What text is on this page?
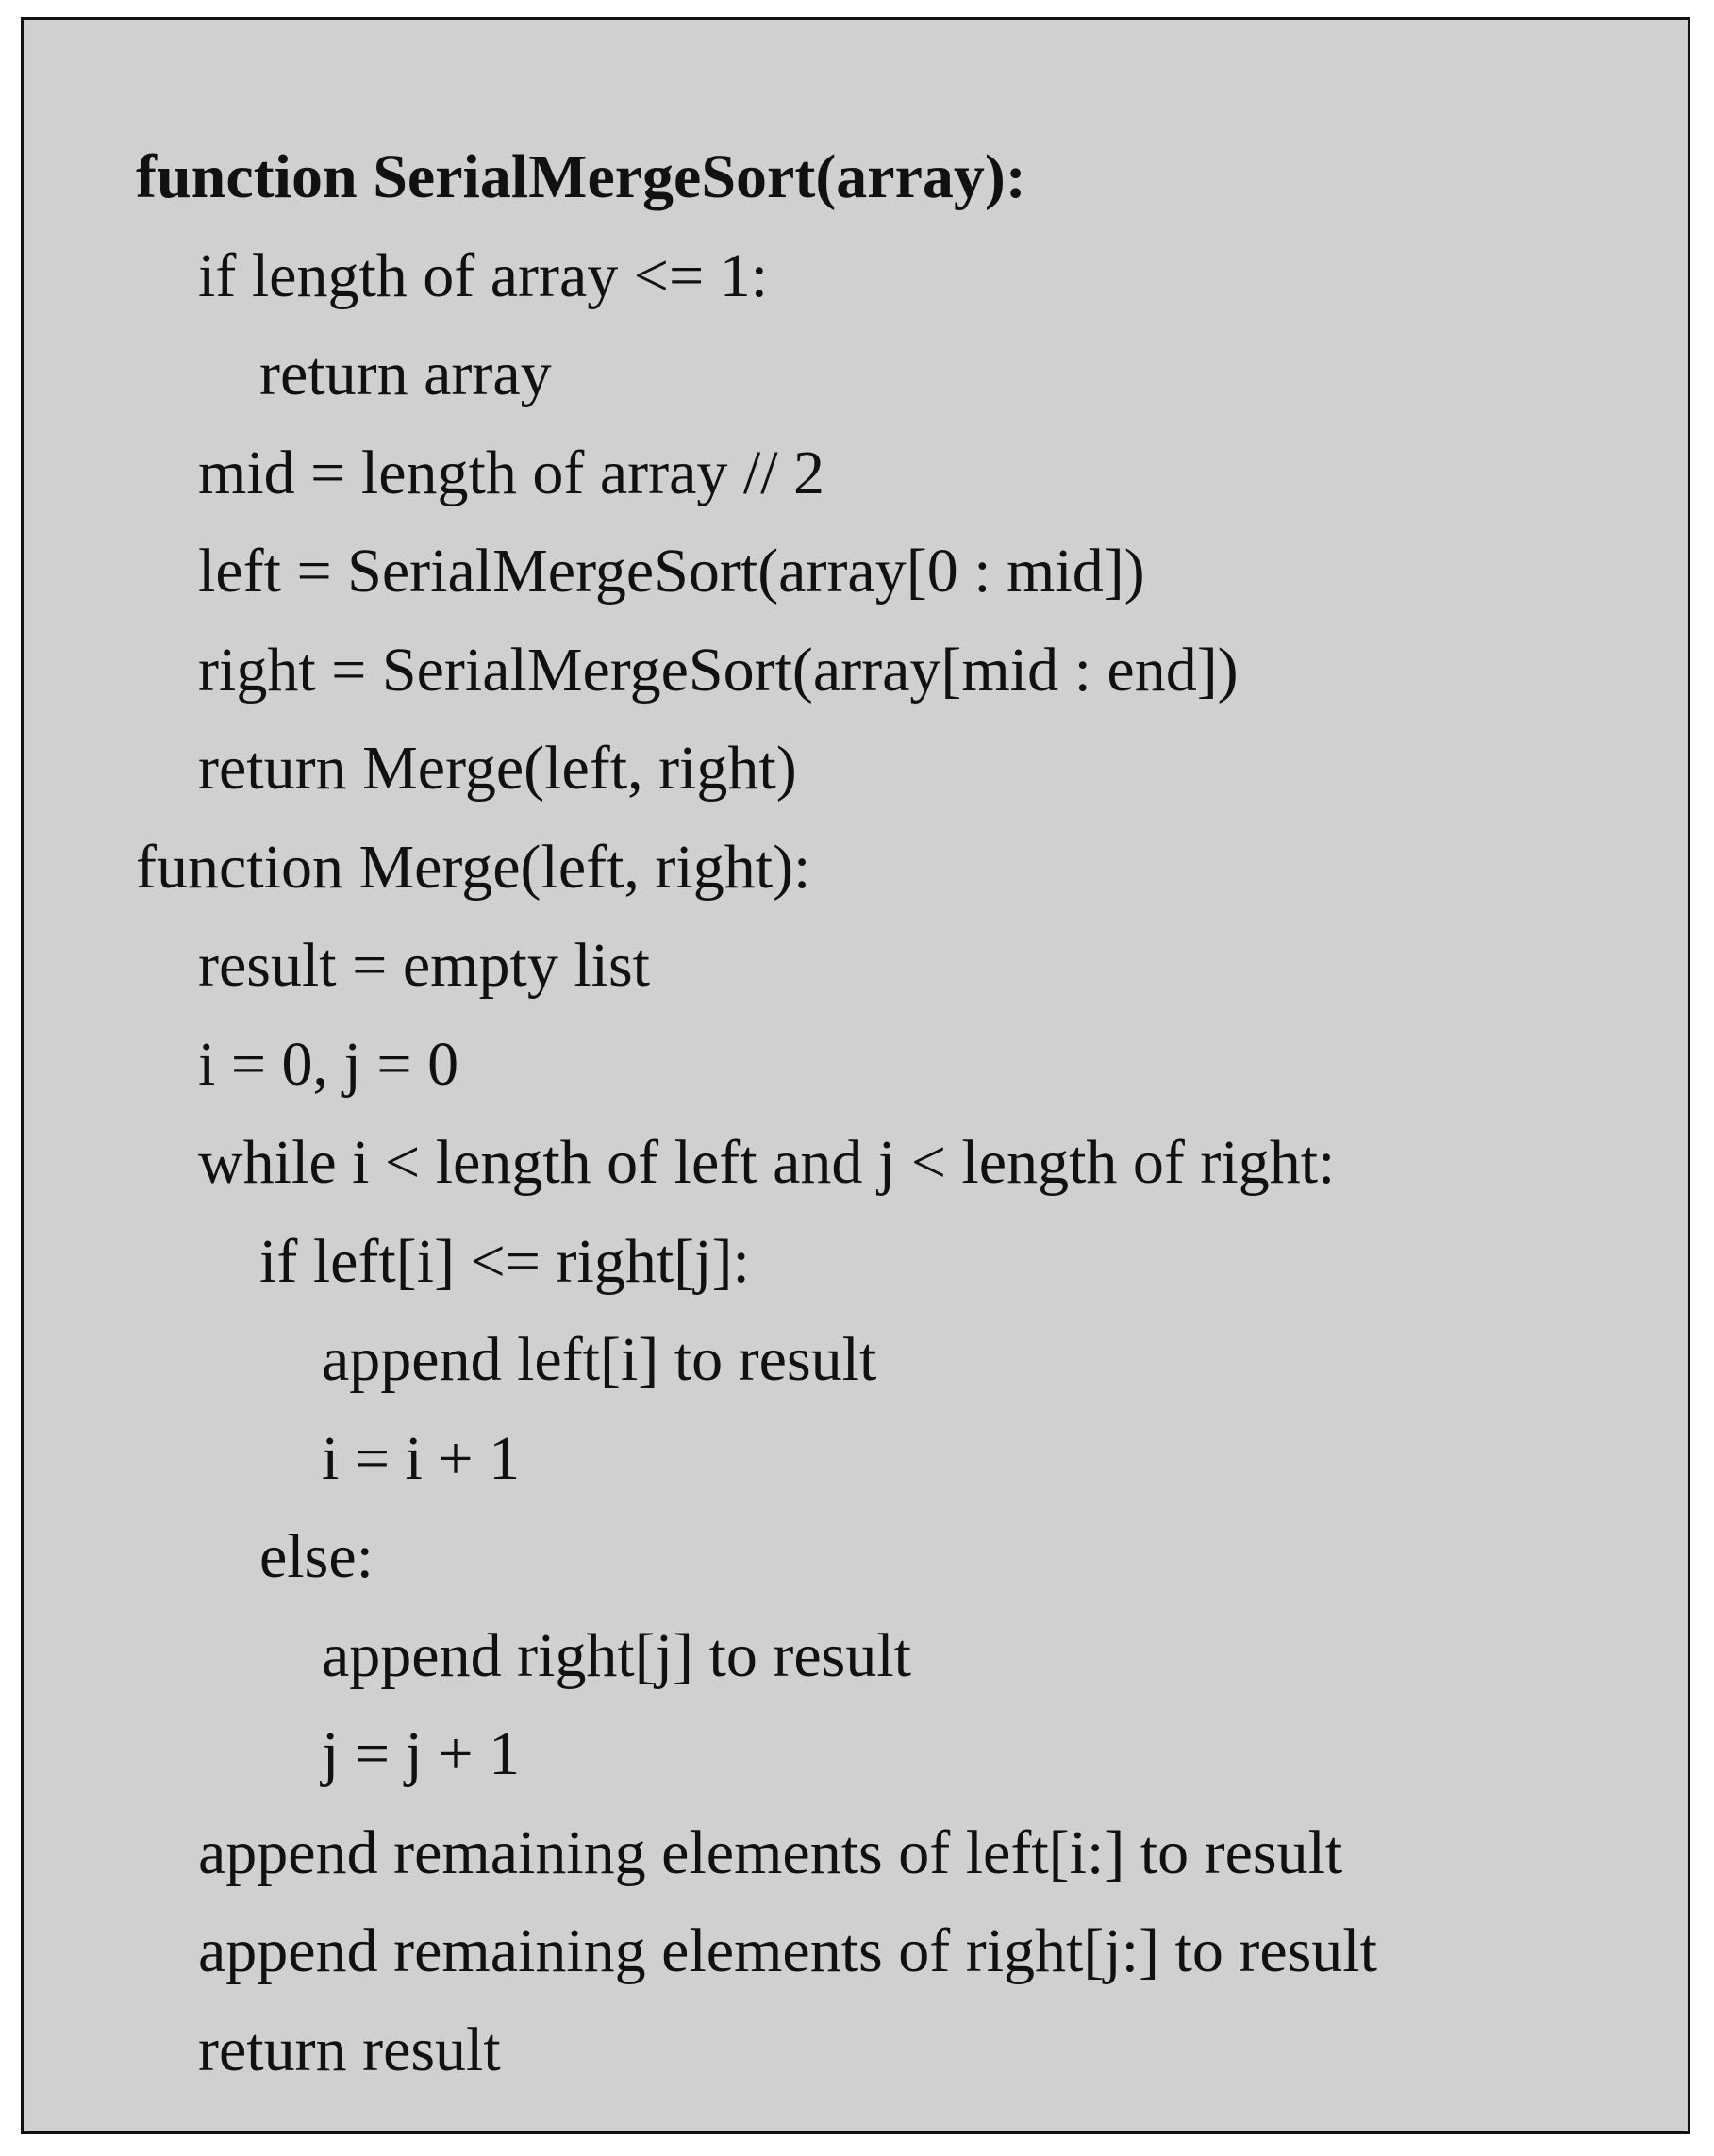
function SerialMergeSort(array):
if length of array <= 1:
return array
mid = length of array // 2
left = SerialMergeSort(array[0 : mid])
right = SerialMergeSort(array[mid : end])
return Merge(left, right)
function Merge(left, right):
result = empty list
i = 0, j = 0
while i < length of left and j < length of right:
if left[i] <= right[j]:
append left[i] to result
i = i + 1
else:
append right[j] to result
j = j + 1
append remaining elements of left[i:] to result
append remaining elements of right[j:] to result
return result
